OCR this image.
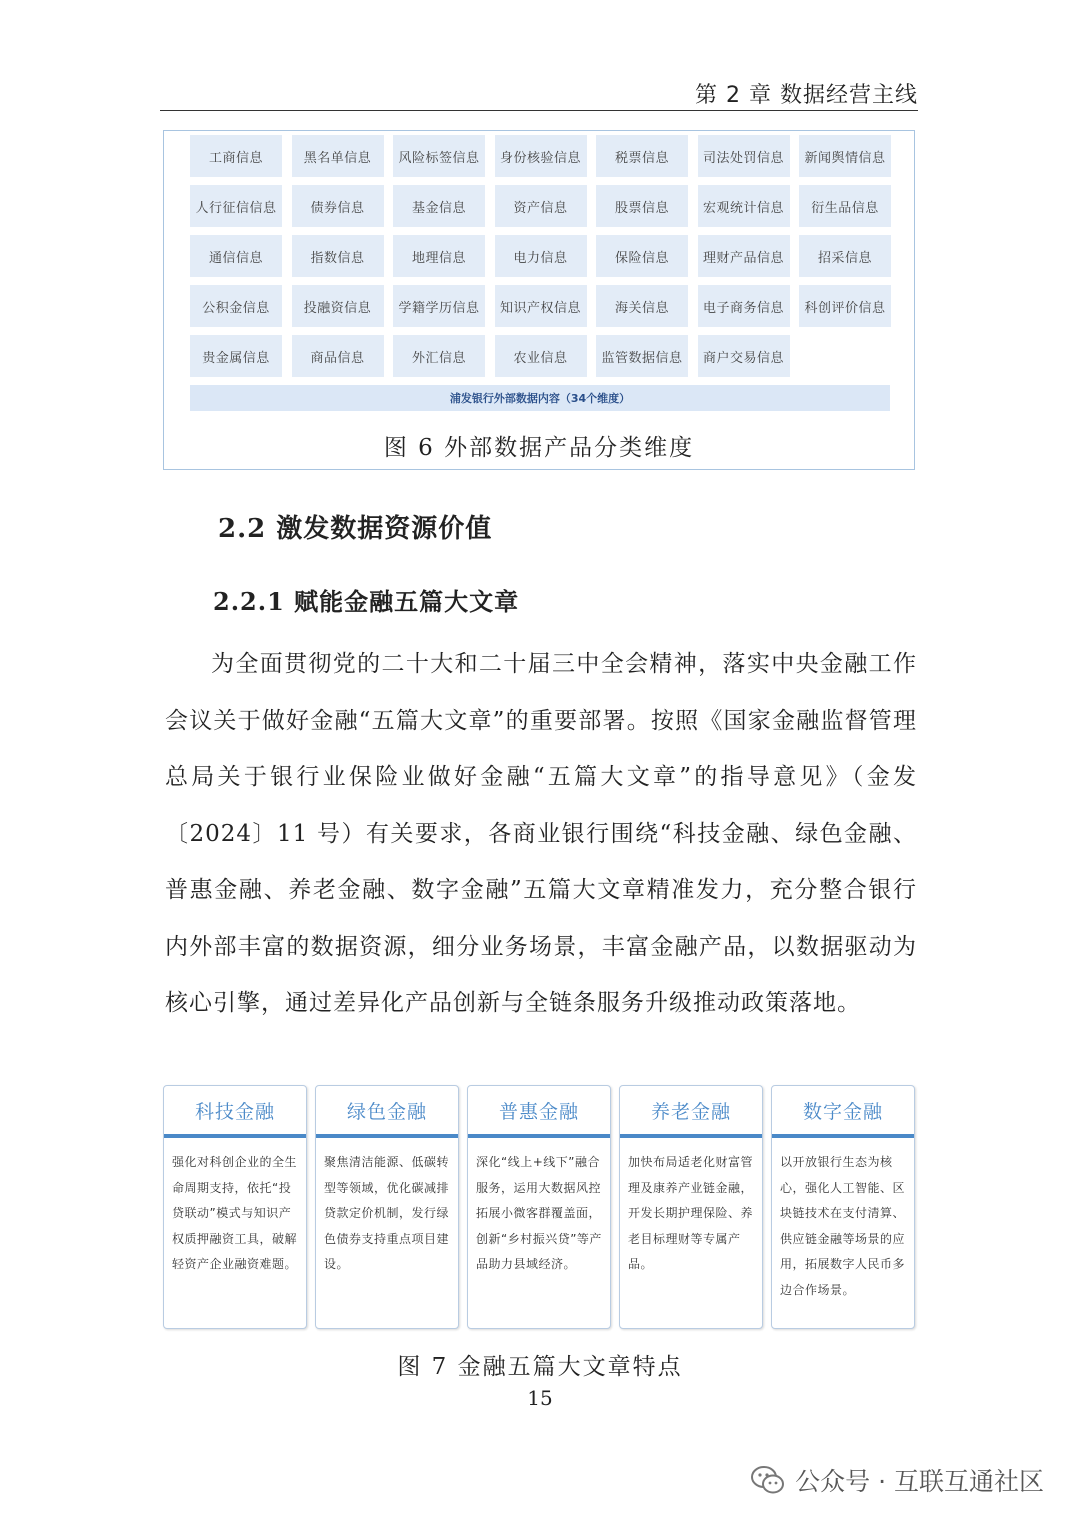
第 2 章 数据经营主线
工商信息	黑名单信息	风险标签信息	身份核验信息	税票信息	司法处罚信息	新闻舆情信息
人行征信信息	债券信息	基金信息	资产信息	股票信息	宏观统计信息	衍生品信息
通信信息	指数信息	地理信息	电力信息	保险信息	理财产品信息	招采信息
公积金信息	投融资信息	学籍学历信息	知识产权信息	海关信息	电子商务信息	科创评价信息
贵金属信息	商品信息	外汇信息	农业信息	监管数据信息	商户交易信息
浦发银行外部数据内容（34个维度）
图 6 外部数据产品分类维度
2.2 激发数据资源价值
2.2.1 赋能金融五篇大文章

为全面贯彻党的二十大和二十届三中全会精神，落实中央金融工作会议关于做好金融“五篇大文章”的重要部署。按照《国家金融监督管理总局关于银行业保险业做好金融“五篇大文章”的指导意见》（金发〔2024〕11 号）有关要求，各商业银行围绕“科技金融、绿色金融、普惠金融、养老金融、数字金融”五篇大文章精准发力，充分整合银行内外部丰富的数据资源，细分业务场景，丰富金融产品，以数据驱动为核心引擎，通过差异化产品创新与全链条服务升级推动政策落地。

科技金融
强化对科创企业的全生命周期支持，依托“投贷联动”模式与知识产权质押融资工具，破解轻资产企业融资难题。
绿色金融
聚焦清洁能源、低碳转型等领域，优化碳减排贷款定价机制，发行绿色债券支持重点项目建设。
普惠金融
深化“线上+线下”融合服务，运用大数据风控拓展小微客群覆盖面，创新“乡村振兴贷”等产品助力县域经济。
养老金融
加快布局适老化财富管理及康养产业链金融，开发长期护理保险、养老目标理财等专属产品。
数字金融
以开放银行生态为核心，强化人工智能、区块链技术在支付清算、供应链金融等场景的应用，拓展数字人民币多边合作场景。
图 7 金融五篇大文章特点
15
公众号 · 互联互通社区
